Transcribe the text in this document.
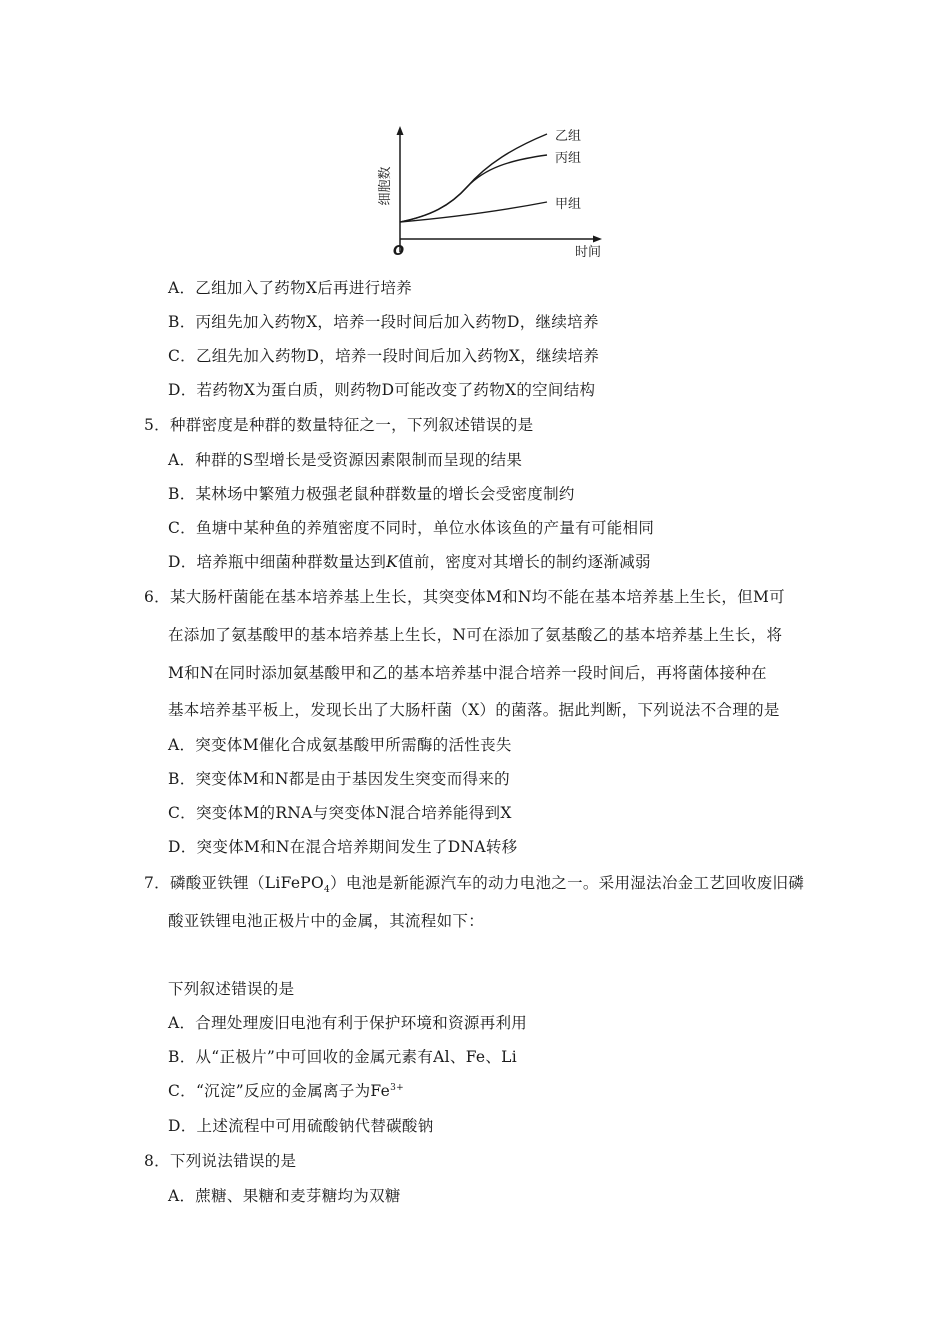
乙组
丙组
甲组
细胞数
时间
O
A．乙组加入了药物X后再进行培养
B．丙组先加入药物X，培养一段时间后加入药物D，继续培养
C．乙组先加入药物D，培养一段时间后加入药物X，继续培养
D．若药物X为蛋白质，则药物D可能改变了药物X的空间结构
5．种群密度是种群的数量特征之一，下列叙述错误的是
A．种群的S型增长是受资源因素限制而呈现的结果
B．某林场中繁殖力极强老鼠种群数量的增长会受密度制约
C．鱼塘中某种鱼的养殖密度不同时，单位水体该鱼的产量有可能相同
D．培养瓶中细菌种群数量达到K值前，密度对其增长的制约逐渐减弱
6．某大肠杆菌能在基本培养基上生长，其突变体M和N均不能在基本培养基上生长，但M可
在添加了氨基酸甲的基本培养基上生长，N可在添加了氨基酸乙的基本培养基上生长，将
M和N在同时添加氨基酸甲和乙的基本培养基中混合培养一段时间后，再将菌体接种在
基本培养基平板上，发现长出了大肠杆菌（X）的菌落。据此判断，下列说法不合理的是
A．突变体M催化合成氨基酸甲所需酶的活性丧失
B．突变体M和N都是由于基因发生突变而得来的
C．突变体M的RNA与突变体N混合培养能得到X
D．突变体M和N在混合培养期间发生了DNA转移
7．磷酸亚铁锂（LiFePO$_4$）电池是新能源汽车的动力电池之一。采用湿法冶金工艺回收废旧磷
酸亚铁锂电池正极片中的金属，其流程如下：
下列叙述错误的是
A．合理处理废旧电池有利于保护环境和资源再利用
B．从“正极片”中可回收的金属元素有Al、Fe、Li
C．“沉淀”反应的金属离子为$Fe^{3+}$
D．上述流程中可用硫酸钠代替碳酸钠
8．下列说法错误的是
A．蔗糖、果糖和麦芽糖均为双糖
